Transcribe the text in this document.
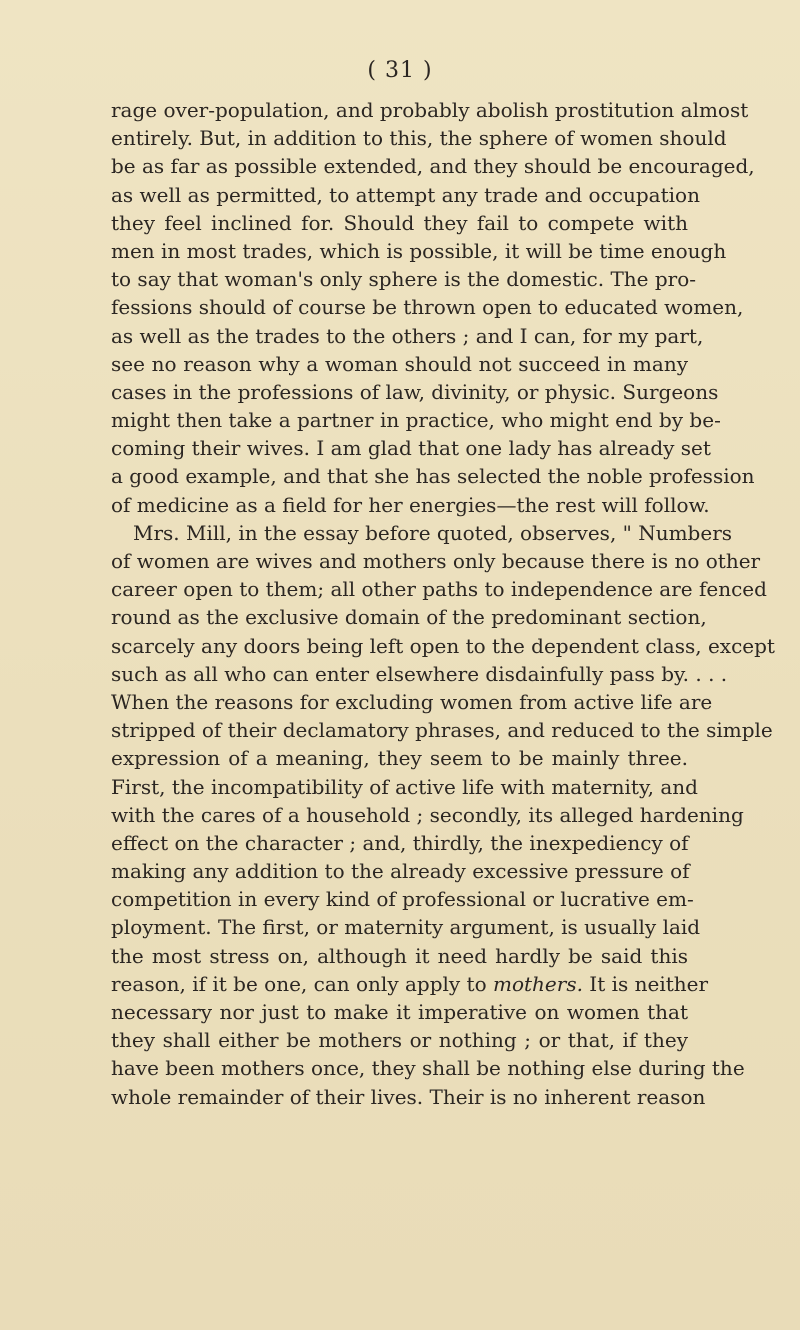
( 31 )
rage over-population, and probably abolish prostitution almost
entirely. But, in addition to this, the sphere of women should
be as far as possible extended, and they should be encouraged,
as well as permitted, to attempt any trade and occupation
they feel inclined for. Should they fail to compete with
men in most trades, which is possible, it will be time enough
to say that woman's only sphere is the domestic. The pro-
fessions should of course be thrown open to educated women,
as well as the trades to the others ; and I can, for my part,
see no reason why a woman should not succeed in many
cases in the professions of law, divinity, or physic. Surgeons
might then take a partner in practice, who might end by be-
coming their wives. I am glad that one lady has already set
a good example, and that she has selected the noble profession
of medicine as a field for her energies—the rest will follow.
Mrs. Mill, in the essay before quoted, observes, " Numbers
of women are wives and mothers only because there is no other
career open to them; all other paths to independence are fenced
round as the exclusive domain of the predominant section,
scarcely any doors being left open to the dependent class, except
such as all who can enter elsewhere disdainfully pass by. . . .
When the reasons for excluding women from active life are
stripped of their declamatory phrases, and reduced to the simple
expression of a meaning, they seem to be mainly three.
First, the incompatibility of active life with maternity, and
with the cares of a household ; secondly, its alleged hardening
effect on the character ; and, thirdly, the inexpediency of
making any addition to the already excessive pressure of
competition in every kind of professional or lucrative em-
ployment. The first, or maternity argument, is usually laid
the most stress on, although it need hardly be said this
reason, if it be one, can only apply to mothers. It is neither
necessary nor just to make it imperative on women that
they shall either be mothers or nothing ; or that, if they
have been mothers once, they shall be nothing else during the
whole remainder of their lives. Their is no inherent reason
